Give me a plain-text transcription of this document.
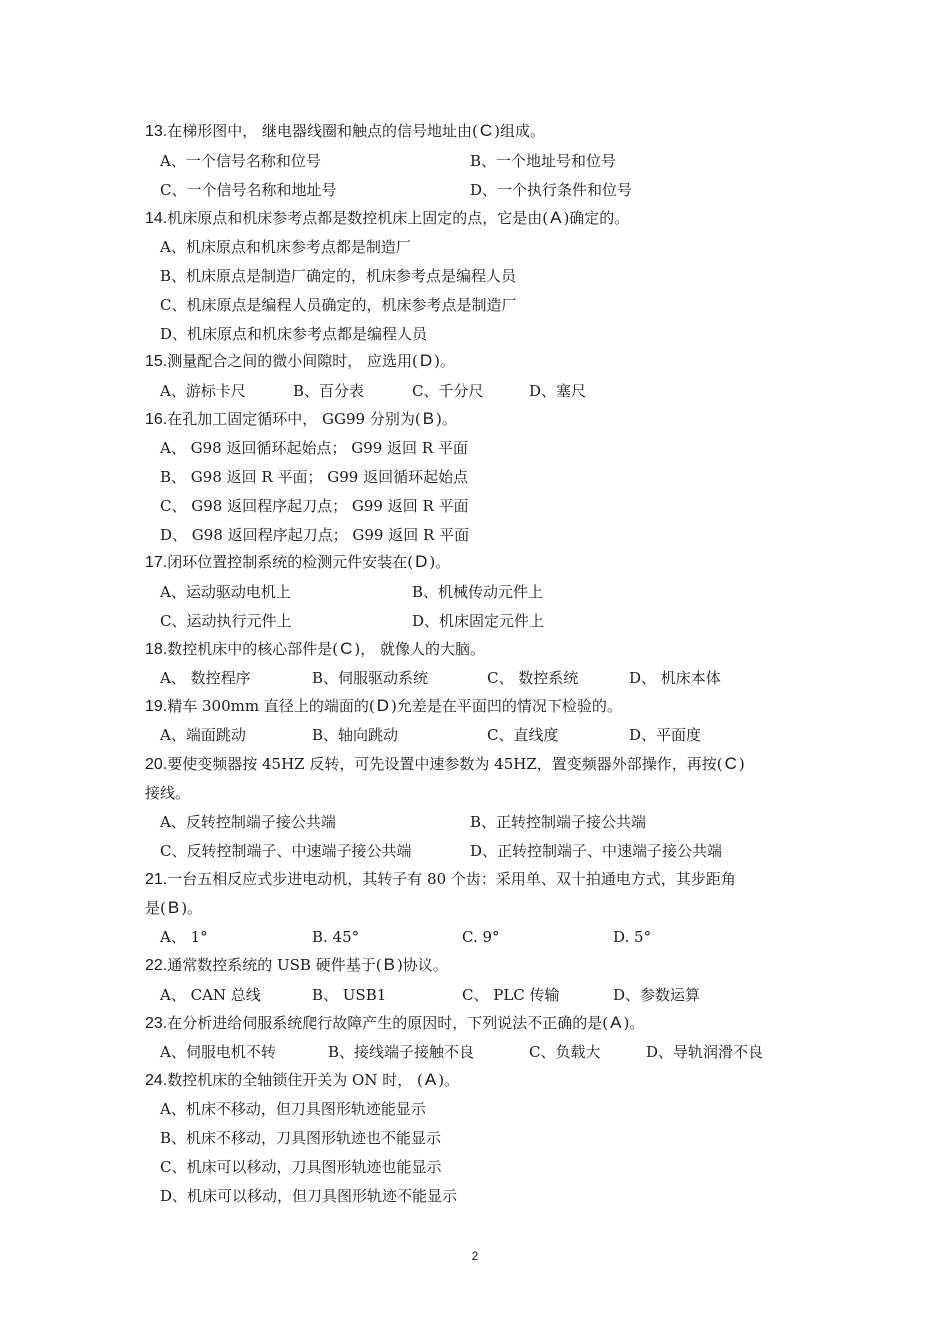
13.在梯形图中， 继电器线圈和触点的信号地址由( C )组成。
A、一个信号名称和位号	B、一个地址号和位号
C、一个信号名称和地址号	D、一个执行条件和位号
14.机床原点和机床参考点都是数控机床上固定的点，它是由( A )确定的。
A、机床原点和机床参考点都是制造厂
B、机床原点是制造厂确定的，机床参考点是编程人员
C、机床原点是编程人员确定的，机床参考点是制造厂
D、机床原点和机床参考点都是编程人员
15.测量配合之间的微小间隙时， 应选用( D )。
A、游标卡尺	B、百分表	C、千分尺	D、塞尺
16.在孔加工固定循环中， GG99 分别为( B )。
A、 G98 返回循环起始点； G99 返回 R 平面
B、 G98 返回 R 平面； G99 返回循环起始点
C、 G98 返回程序起刀点； G99 返回 R 平面
D、 G98 返回程序起刀点； G99 返回 R 平面
17.闭环位置控制系统的检测元件安装在( D )。
A、运动驱动电机上	B、机械传动元件上
C、运动执行元件上	D、机床固定元件上
18.数控机床中的核心部件是( C )， 就像人的大脑。
A、 数控程序	B、伺服驱动系统	C、 数控系统	D、 机床本体
19.精车 300mm 直径上的端面的( D )允差是在平面凹的情况下检验的。
A、端面跳动	B、轴向跳动	C、直线度	D、平面度
20.要使变频器按 45HZ 反转，可先设置中速参数为 45HZ，置变频器外部操作，再按( C )
接线。
A、反转控制端子接公共端	B、正转控制端子接公共端
C、反转控制端子、中速端子接公共端	D、正转控制端子、中速端子接公共端
21.一台五相反应式步进电动机，其转子有 80 个齿：采用单、双十拍通电方式，其步距角
是( B )。
A、 1°	B. 45°	C. 9°	D. 5°
22.通常数控系统的 USB 硬件基于( B )协议。
A、 CAN 总线	B、 USB1	C、 PLC 传输	D、参数运算
23.在分析进给伺服系统爬行故障产生的原因时，下列说法不正确的是( A )。
A、伺服电机不转	B、接线端子接触不良	C、负载大	D、导轨润滑不良
24.数控机床的全轴锁住开关为 ON 时， ( A )。
A、机床不移动，但刀具图形轨迹能显示
B、机床不移动，刀具图形轨迹也不能显示
C、机床可以移动，刀具图形轨迹也能显示
D、机床可以移动，但刀具图形轨迹不能显示
2
